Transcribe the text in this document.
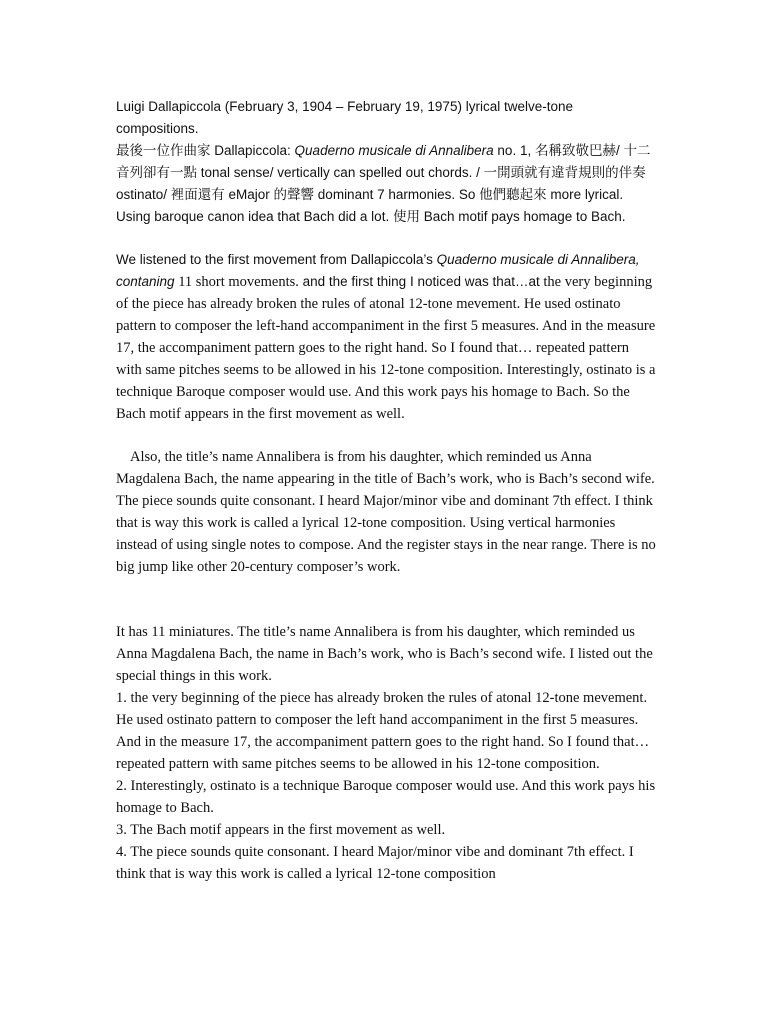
Luigi Dallapiccola (February 3, 1904 – February 19, 1975) lyrical twelve-tone compositions.
最後一位作曲家 Dallapiccola: Quaderno musicale di Annalibera no. 1, 名稱致敬巴赫/ 十二音列卻有一點 tonal sense/ vertically can spelled out chords. / 一開頭就有違背規則的伴奏 ostinato/ 裡面還有 eMajor 的聲響 dominant 7 harmonies. So 他們聽起來 more lyrical. Using baroque canon idea that Bach did a lot. 使用 Bach motif pays homage to Bach.

We listened to the first movement from Dallapiccola’s Quaderno musicale di Annalibera, contaning 11 short movements. and the first thing I noticed was that…at the very beginning of the piece has already broken the rules of atonal 12-tone mevement. He used ostinato pattern to composer the left-hand accompaniment in the first 5 measures. And in the measure 17, the accompaniment pattern goes to the right hand. So I found that… repeated pattern with same pitches seems to be allowed in his 12-tone composition. Interestingly, ostinato is a technique Baroque composer would use. And this work pays his homage to Bach. So the Bach motif appears in the first movement as well.

Also, the title’s name Annalibera is from his daughter, which reminded us Anna Magdalena Bach, the name appearing in the title of Bach’s work, who is Bach’s second wife. The piece sounds quite consonant. I heard Major/minor vibe and dominant 7th effect. I think that is way this work is called a lyrical 12-tone composition. Using vertical harmonies instead of using single notes to compose. And the register stays in the near range. There is no big jump like other 20-century composer’s work.

It has 11 miniatures. The title’s name Annalibera is from his daughter, which reminded us Anna Magdalena Bach, the name in Bach’s work, who is Bach’s second wife. I listed out the special things in this work.

1. the very beginning of the piece has already broken the rules of atonal 12-tone mevement. He used ostinato pattern to composer the left hand accompaniment in the first 5 measures. And in the measure 17, the accompaniment pattern goes to the right hand. So I found that… repeated pattern with same pitches seems to be allowed in his 12-tone composition.

2. Interestingly, ostinato is a technique Baroque composer would use. And this work pays his homage to Bach.

3. The Bach motif appears in the first movement as well.

4. The piece sounds quite consonant. I heard Major/minor vibe and dominant 7th effect. I think that is way this work is called a lyrical 12-tone composition
